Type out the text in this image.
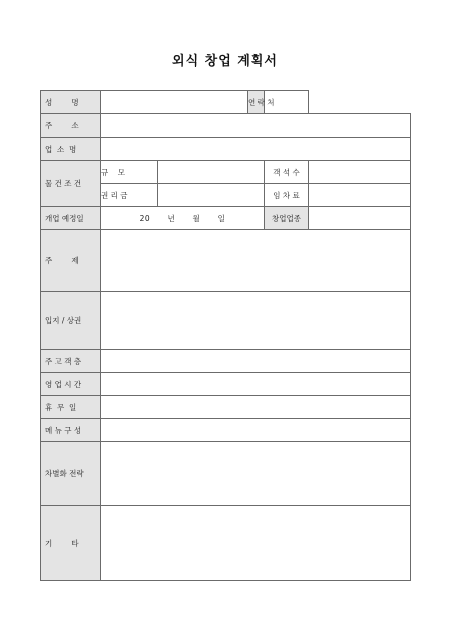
외식 창업 계획서
성        명			연 락 처		
주        소					
업  소  명					
물 건 조 건	규    모			객 석 수	
	권 리 금			임 차 료	
개업 예정일	20      년      월      일			창업업종	
주        제					
입지 / 상권					
주 고 객 층					
영 업 시 간					
휴  무  일					
메 뉴 구 성					
차별화 전략					
기        타					
